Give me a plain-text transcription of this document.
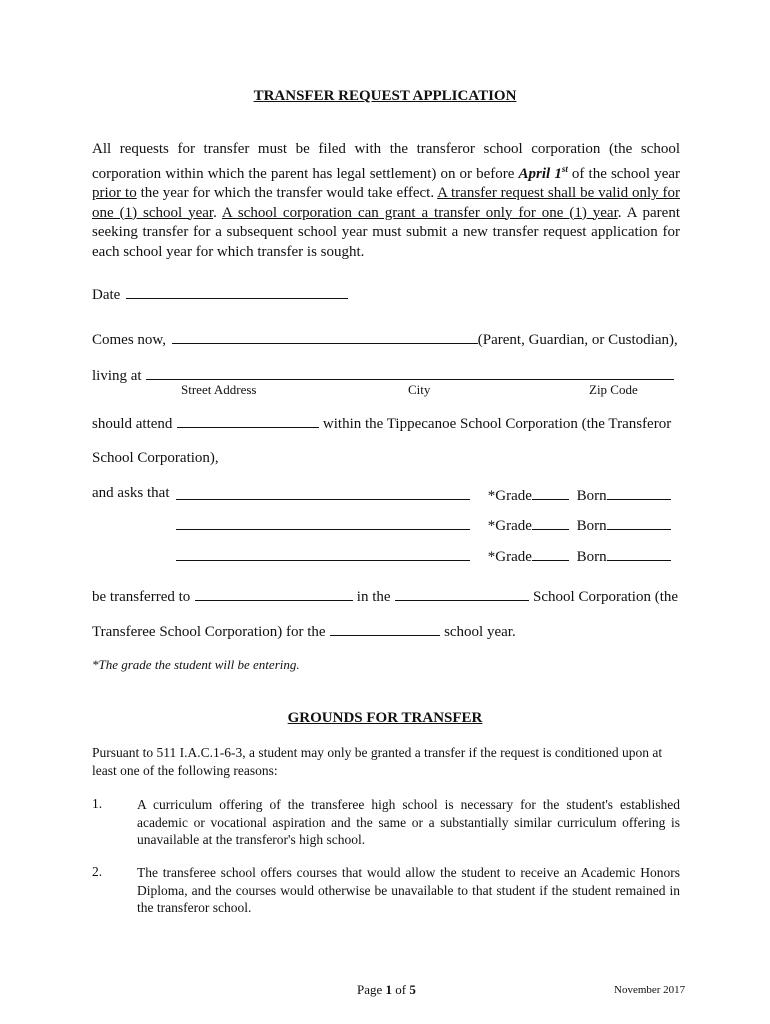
TRANSFER REQUEST APPLICATION
All requests for transfer must be filed with the transferor school corporation (the school corporation within which the parent has legal settlement) on or before April 1st of the school year prior to the year for which the transfer would take effect. A transfer request shall be valid only for one (1) school year. A school corporation can grant a transfer only for one (1) year. A parent seeking transfer for a subsequent school year must submit a new transfer request application for each school year for which transfer is sought.
Date
Comes now,	(Parent, Guardian, or Custodian),
living at
Street Address	City	Zip Code
should attend	within the Tippecanoe School Corporation (the Transferor
School Corporation),
and asks that	*Grade	Born
*Grade	Born
*Grade	Born
be transferred to	in the	School Corporation (the
Transferee School Corporation) for the	school year.
*The grade the student will be entering.
GROUNDS FOR TRANSFER
Pursuant to 511 I.A.C.1-6-3, a student may only be granted a transfer if the request is conditioned upon at least one of the following reasons:
1.	A curriculum offering of the transferee high school is necessary for the student's established academic or vocational aspiration and the same or a substantially similar curriculum offering is unavailable at the transferor's high school.
2.	The transferee school offers courses that would allow the student to receive an Academic Honors Diploma, and the courses would otherwise be unavailable to that student if the student remained in the transferor school.
Page 1 of 5	November 2017
